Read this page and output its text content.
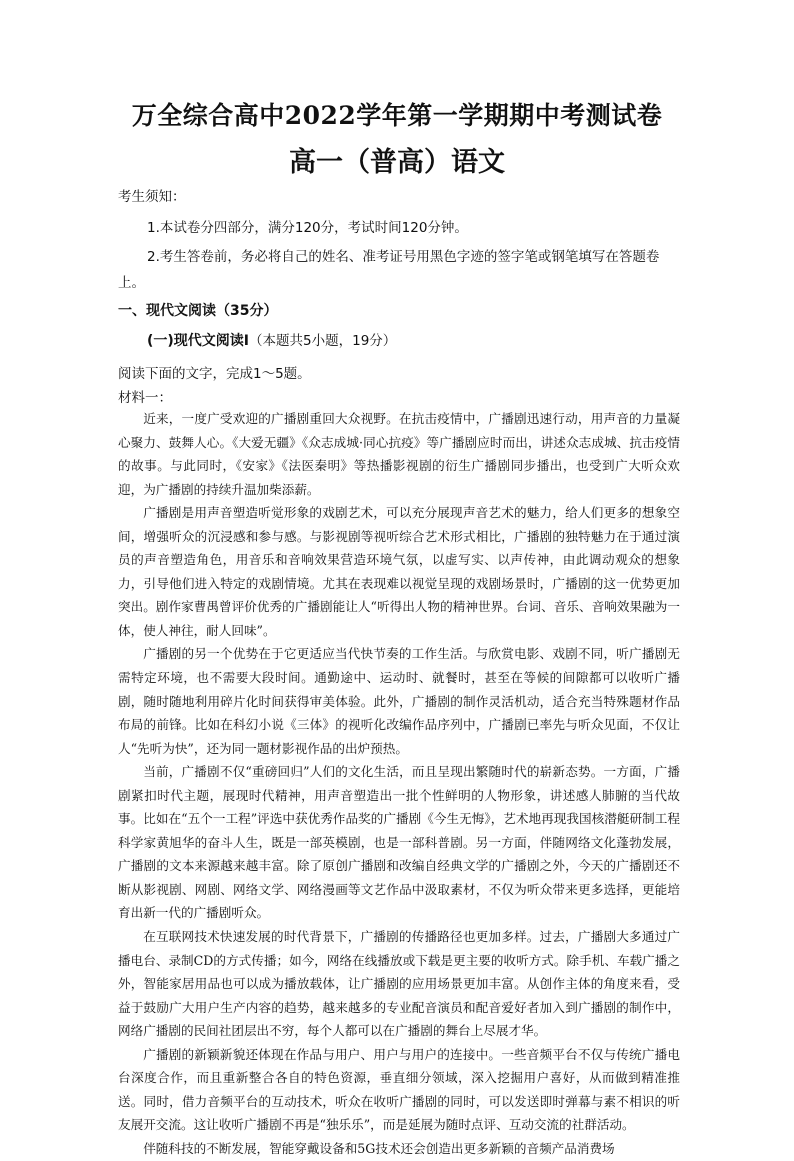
万全综合高中2022学年第一学期期中考测试卷
高一（普高）语文
考生须知：
1.本试卷分四部分，满分120分，考试时间120分钟。
2.考生答卷前，务必将自己的姓名、准考证号用黑色字迹的签字笔或钢笔填写在答题卷
上。
一、现代文阅读（35分）
(一)现代文阅读Ⅰ（本题共5小题，19分）
阅读下面的文字，完成1～5题。
材料一：

近来，一度广受欢迎的广播剧重回大众视野。在抗击疫情中，广播剧迅速行动，用声音的力量凝心聚力、鼓舞人心。《大爱无疆》《众志成城·同心抗疫》等广播剧应时而出，讲述众志成城、抗击疫情的故事。与此同时，《安家》《法医秦明》等热播影视剧的衍生广播剧同步播出，也受到广大听众欢迎，为广播剧的持续升温加柴添薪。

广播剧是用声音塑造听觉形象的戏剧艺术，可以充分展现声音艺术的魅力，给人们更多的想象空间，增强听众的沉浸感和参与感。与影视剧等视听综合艺术形式相比，广播剧的独特魅力在于通过演员的声音塑造角色，用音乐和音响效果营造环境气氛，以虚写实、以声传神，由此调动观众的想象力，引导他们进入特定的戏剧情境。尤其在表现难以视觉呈现的戏剧场景时，广播剧的这一优势更加突出。剧作家曹禺曾评价优秀的广播剧能让人“听得出人物的精神世界。台词、音乐、音响效果融为一体，使人神往，耐人回味”。

广播剧的另一个优势在于它更适应当代快节奏的工作生活。与欣赏电影、戏剧不同，听广播剧无需特定环境，也不需要大段时间。通勤途中、运动时、就餐时，甚至在等候的间隙都可以收听广播剧，随时随地利用碎片化时间获得审美体验。此外，广播剧的制作灵活机动，适合充当特殊题材作品布局的前锋。比如在科幻小说《三体》的视听化改编作品序列中，广播剧已率先与听众见面，不仅让人“先听为快”，还为同一题材影视作品的出炉预热。

当前，广播剧不仅“重磅回归”人们的文化生活，而且呈现出繁随时代的崭新态势。一方面，广播剧紧扣时代主题，展现时代精神，用声音塑造出一批个性鲜明的人物形象，讲述感人肺腑的当代故事。比如在“五个一工程”评选中获优秀作品奖的广播剧《今生无悔》，艺术地再现我国核潜艇研制工程科学家黄旭华的奋斗人生，既是一部英模剧，也是一部科普剧。另一方面，伴随网络文化蓬勃发展，广播剧的文本来源越来越丰富。除了原创广播剧和改编自经典文学的广播剧之外，今天的广播剧还不断从影视剧、网剧、网络文学、网络漫画等文艺作品中汲取素材，不仅为听众带来更多选择，更能培育出新一代的广播剧听众。

在互联网技术快速发展的时代背景下，广播剧的传播路径也更加多样。过去，广播剧大多通过广播电台、录制CD的方式传播；如今，网络在线播放或下载是更主要的收听方式。除手机、车载广播之外，智能家居用品也可以成为播放载体，让广播剧的应用场景更加丰富。从创作主体的角度来看，受益于鼓励广大用户生产内容的趋势，越来越多的专业配音演员和配音爱好者加入到广播剧的制作中，网络广播剧的民间社团层出不穷，每个人都可以在广播剧的舞台上尽展才华。

广播剧的新颖新貌还体现在作品与用户、用户与用户的连接中。一些音频平台不仅与传统广播电台深度合作，而且重新整合各自的特色资源，垂直细分领域，深入挖掘用户喜好，从而做到精准推送。同时，借力音频平台的互动技术，听众在收听广播剧的同时，可以发送即时弹幕与素不相识的听友展开交流。这让收听广播剧不再是“独乐乐”，而是延展为随时点评、互动交流的社群活动。

伴随科技的不断发展，智能穿戴设备和5G技术还会创造出更多新颖的音频产品消费场
